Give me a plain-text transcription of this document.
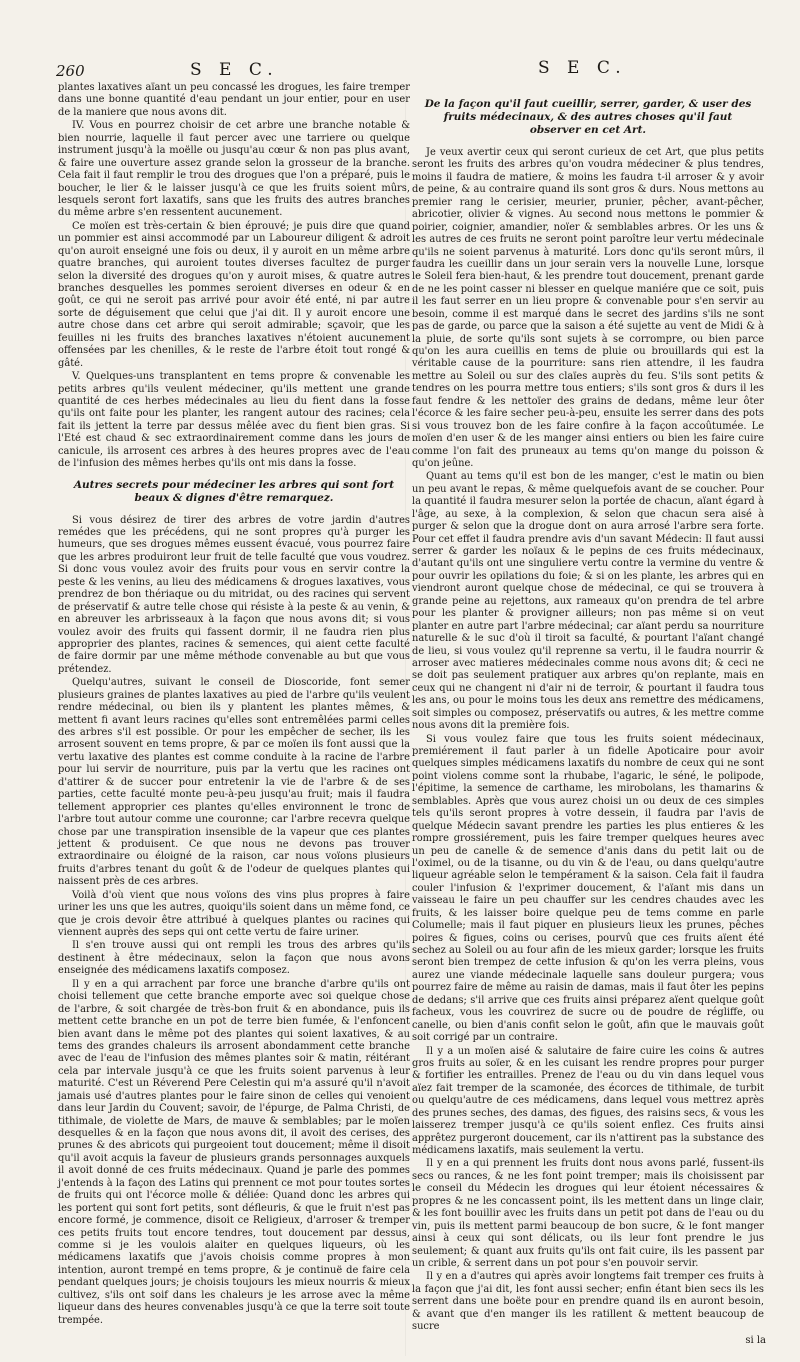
260	S E C.	S E C.

plantes laxatives aïant un peu concassé les drogues, les faire tremper dans une bonne quantité d'eau pendant un jour entier, pour en user de la maniere que nous avons dit.

IV. Vous en pourrez choisir de cet arbre une branche notable & bien nourrie, laquelle il faut percer avec une tarriere ou quelque instrument jusqu'à la moëlle ou jusqu'au cœur & non pas plus avant, & faire une ouverture assez grande selon la grosseur de la branche. Cela fait il faut remplir le trou des drogues que l'on a préparé, puis le boucher, le lier & le laisser jusqu'à ce que les fruits soient mûrs, lesquels seront fort laxatifs, sans que les fruits des autres branches du même arbre s'en ressentent aucunement.

Ce moïen est très-certain & bien éprouvé; je puis dire que quand un pommier est ainsi accommodé par un Laboureur diligent & adroit qu'on auroit enseigné une fois ou deux, il y auroit en un même arbre quatre branches, qui auroient toutes diverses facultez de purger selon la diversité des drogues qu'on y auroit mises, & quatre autres branches desquelles les pommes seroient diverses en odeur & en goût, ce qui ne seroit pas arrivé pour avoir été enté, ni par autre sorte de déguisement que celui que j'ai dit. Il y auroit encore une autre chose dans cet arbre qui seroit admirable; sçavoir, que les feuilles ni les fruits des branches laxatives n'étoient aucunement offensées par les chenilles, & le reste de l'arbre étoit tout rongé & gâté.

V. Quelques-uns transplantent en tems propre & convenable les petits arbres qu'ils veulent médeciner, qu'ils mettent une grande quantité de ces herbes médecinales au lieu du fient dans la fosse qu'ils ont faite pour les planter, les rangent autour des racines; cela fait ils jettent la terre par dessus mêlée avec du fient bien gras. Si l'Eté est chaud & sec extraordinairement comme dans les jours de canicule, ils arrosent ces arbres à des heures propres avec de l'eau de l'infusion des mêmes herbes qu'ils ont mis dans la fosse.

Autres secrets pour médeciner les arbres qui sont fort beaux & dignes d'être remarquez.

Si vous désirez de tirer des arbres de votre jardin d'autres remédes que les précédens, qui ne sont propres qu'à purger les humeurs, que ses drogues mêmes eussent évacué, vous pourrez faire que les arbres produiront leur fruit de telle faculté que vous voudrez. Si donc vous voulez avoir des fruits pour vous en servir contre la peste & les venins, au lieu des médicamens & drogues laxatives, vous prendrez de bon thériaque ou du mitridat, ou des racines qui servent de préservatif & autre telle chose qui résiste à la peste & au venin, & en abreuver les arbrisseaux à la façon que nous avons dit; si vous voulez avoir des fruits qui fassent dormir, il ne faudra rien plus approprier des plantes, racines & semences, qui aient cette faculté de faire dormir par une même méthode convenable au but que vous prétendez.

Quelqu'autres, suivant le conseil de Dioscoride, font semer plusieurs graines de plantes laxatives au pied de l'arbre qu'ils veulent rendre médecinal, ou bien ils y plantent les plantes mêmes, & mettent fi avant leurs racines qu'elles sont entremêlées parmi celles des arbres s'il est possible. Or pour les empêcher de secher, ils les arrosent souvent en tems propre, & par ce moïen ils font aussi que la vertu laxative des plantes est comme conduite à la racine de l'arbre pour lui servir de nourriture, puis par la vertu que les racines ont d'attirer & de succer pour entretenir la vie de l'arbre & de ses parties, cette faculté monte peu-à-peu jusqu'au fruit; mais il faudra tellement approprier ces plantes qu'elles environnent le tronc de l'arbre tout autour comme une couronne; car l'arbre recevra quelque chose par une transpiration insensible de la vapeur que ces plantes jettent & produisent. Ce que nous ne devons pas trouver extraordinaire ou éloigné de la raison, car nous voïons plusieurs fruits d'arbres tenant du goût & de l'odeur de quelques plantes qui naissent près de ces arbres.

Voilà d'où vient que nous voïons des vins plus propres à faire uriner les uns que les autres, quoiqu'ils soient dans un même fond, ce que je crois devoir être attribué à quelques plantes ou racines qui viennent auprès des seps qui ont cette vertu de faire uriner.

Il s'en trouve aussi qui ont rempli les trous des arbres qu'ils destinent à être médecinaux, selon la façon que nous avons enseignée des médicamens laxatifs composez.

Il y en a qui arrachent par force une branche d'arbre qu'ils ont choisi tellement que cette branche emporte avec soi quelque chose de l'arbre, & soit chargée de très-bon fruit & en abondance, puis ils mettent cette branche en un pot de terre bien fumée, & l'enfoncent bien avant dans le même pot des plantes qui soient laxatives, & au tems des grandes chaleurs ils arrosent abondamment cette branche avec de l'eau de l'infusion des mêmes plantes soir & matin, réitérant cela par intervale jusqu'à ce que les fruits soient parvenus à leur maturité. C'est un Réverend Pere Celestin qui m'a assuré qu'il n'avoit jamais usé d'autres plantes pour le faire sinon de celles qui venoient dans leur Jardin du Couvent; savoir, de l'épurge, de Palma Christi, de tithimale, de violette de Mars, de mauve & semblables; par le moïen desquelles & en la façon que nous avons dit, il avoit des cerises, des prunes & des abricots qui purgeoient tout doucement; même il disoit qu'il avoit acquis la faveur de plusieurs grands personnages auxquels il avoit donné de ces fruits médecinaux. Quand je parle des pommes j'entends à la façon des Latins qui prennent ce mot pour toutes sortes de fruits qui ont l'écorce molle & déliée: Quand donc les arbres qui les portent qui sont fort petits, sont défleuris, & que le fruit n'est pas encore formé, je commence, disoit ce Religieux, d'arroser & tremper ces petits fruits tout encore tendres, tout doucement par dessus, comme si je les voulois alaiter en quelques liqueurs, où les médicamens laxatifs que j'avois choisis comme propres à mon intention, auront trempé en tems propre, & je continuë de faire cela pendant quelques jours; je choisis toujours les mieux nourris & mieux cultivez, s'ils ont soif dans les chaleurs je les arrose avec la même liqueur dans des heures convenables jusqu'à ce que la terre soit toute trempée.

De la façon qu'il faut cueillir, serrer, garder, & user des fruits médecinaux, & des autres choses qu'il faut observer en cet Art.

Je veux avertir ceux qui seront curieux de cet Art, que plus petits seront les fruits des arbres qu'on voudra médeciner & plus tendres, moins il faudra de matiere, & moins les faudra t-il arroser & y avoir de peine, & au contraire quand ils sont gros & durs. Nous mettons au premier rang le cerisier, meurier, prunier, pêcher, avant-pêcher, abricotier, olivier & vignes. Au second nous mettons le pommier & poirier, coignier, amandier, noïer & semblables arbres. Or les uns & les autres de ces fruits ne seront point paroître leur vertu médecinale qu'ils ne soient parvenus à maturité. Lors donc qu'ils seront mûrs, il faudra les cueillir dans un jour serain vers la nouvelle Lune, lorsque le Soleil fera bien-haut, & les prendre tout doucement, prenant garde de ne les point casser ni blesser en quelque maniére que ce soit, puis il les faut serrer en un lieu propre & convenable pour s'en servir au besoin, comme il est marqué dans le secret des jardins s'ils ne sont pas de garde, ou parce que la saison a été sujette au vent de Midi & à la pluie, de sorte qu'ils sont sujets à se corrompre, ou bien parce qu'on les aura cueillis en tems de pluie ou brouillards qui est la véritable cause de la pourriture: sans rien attendre, il les faudra mettre au Soleil ou sur des claïes auprès du feu. S'ils sont petits & tendres on les pourra mettre tous entiers; s'ils sont gros & durs il les faut fendre & les nettoïer des grains de dedans, même leur ôter l'écorce & les faire secher peu-à-peu, ensuite les serrer dans des pots si vous trouvez bon de les faire confire à la façon accoûtumée. Le moïen d'en user & de les manger ainsi entiers ou bien les faire cuire comme l'on fait des pruneaux au tems qu'on mange du poisson & qu'on jeûne.

Quant au tems qu'il est bon de les manger, c'est le matin ou bien un peu avant le repas, & même quelquefois avant de se coucher. Pour la quantité il faudra mesurer selon la portée de chacun, aïant égard à l'âge, au sexe, à la complexion, & selon que chacun sera aisé à purger & selon que la drogue dont on aura arrosé l'arbre sera forte. Pour cet effet il faudra prendre avis d'un savant Médecin: Il faut aussi serrer & garder les noïaux & le pepins de ces fruits médecinaux, d'autant qu'ils ont une singuliere vertu contre la vermine du ventre & pour ouvrir les opilations du foie; & si on les plante, les arbres qui en viendront auront quelque chose de médecinal, ce qui se trouvera à grande peine au rejettons, aux rameaux qu'on prendra de tel arbre pour les planter & provigner ailleurs; non pas même si on veut planter en autre part l'arbre médecinal; car aïant perdu sa nourriture naturelle & le suc d'où il tiroit sa faculté, & pourtant l'aïant changé de lieu, si vous voulez qu'il reprenne sa vertu, il le faudra nourrir & arroser avec matieres médecinales comme nous avons dit; & ceci ne se doit pas seulement pratiquer aux arbres qu'on replante, mais en ceux qui ne changent ni d'air ni de terroir, & pourtant il faudra tous les ans, ou pour le moins tous les deux ans remettre des médicamens, soit simples ou composez, préservatifs ou autres, & les mettre comme nous avons dit la première fois.

Si vous voulez faire que tous les fruits soient médecinaux, premiérement il faut parler à un fidelle Apoticaire pour avoir quelques simples médicamens laxatifs du nombre de ceux qui ne sont point violens comme sont la rhubabe, l'agaric, le séné, le polipode, l'épitime, la semence de carthame, les mirobolans, les thamarins & semblables. Après que vous aurez choisi un ou deux de ces simples tels qu'ils seront propres à votre dessein, il faudra par l'avis de quelque Médecin savant prendre les parties les plus entieres & les rompre grossiérement, puis les faire tremper quelques heures avec un peu de canelle & de semence d'anis dans du petit lait ou de l'oximel, ou de la tisanne, ou du vin & de l'eau, ou dans quelqu'autre liqueur agréable selon le tempérament & la saison. Cela fait il faudra couler l'infusion & l'exprimer doucement, & l'aïant mis dans un vaisseau le faire un peu chauffer sur les cendres chaudes avec les fruits, & les laisser boire quelque peu de tems comme en parle Columelle; mais il faut piquer en plusieurs lieux les prunes, pêches poires & figues, coins ou cerises, pourvû que ces fruits aïent été sechez au Soleil ou au four afin de les mieux garder; lorsque les fruits seront bien trempez de cette infusion & qu'on les verra pleins, vous aurez une viande médecinale laquelle sans douleur purgera; vous pourrez faire de même au raisin de damas, mais il faut ôter les pepins de dedans; s'il arrive que ces fruits ainsi préparez aïent quelque goût facheux, vous les couvrirez de sucre ou de poudre de régliffe, ou canelle, ou bien d'anis confit selon le goût, afin que le mauvais goût soit corrigé par un contraire.

Il y a un moïen aisé & salutaire de faire cuire les coins & autres gros fruits au soïer, & en les cuisant les rendre propres pour purger & fortifier les entrailles. Prenez de l'eau ou du vin dans lequel vous aïez fait tremper de la scamonée, des écorces de tithimale, de turbit ou quelqu'autre de ces médicamens, dans lequel vous mettrez après des prunes seches, des damas, des figues, des raisins secs, & vous les laisserez tremper jusqu'à ce qu'ils soient enflez. Ces fruits ainsi apprêtez purgeront doucement, car ils n'attirent pas la substance des médicamens laxatifs, mais seulement la vertu.

Il y en a qui prennent les fruits dont nous avons parlé, fussent-ils secs ou rances, & ne les font point tremper; mais ils choisissent par le conseil du Médecin les drogues qui leur étoient nécessaires & propres & ne les concassent point, ils les mettent dans un linge clair, & les font bouillir avec les fruits dans un petit pot dans de l'eau ou du vin, puis ils mettent parmi beaucoup de bon sucre, & le font manger ainsi à ceux qui sont délicats, ou ils leur font prendre le jus seulement; & quant aux fruits qu'ils ont fait cuire, ils les passent par un crible, & serrent dans un pot pour s'en pouvoir servir.

Il y en a d'autres qui après avoir longtems fait tremper ces fruits à la façon que j'ai dit, les font aussi secher; enfin étant bien secs ils les serrent dans une boëte pour en prendre quand ils en auront besoin, & avant que d'en manger ils les ratillent & mettent beaucoup de sucre

si la
